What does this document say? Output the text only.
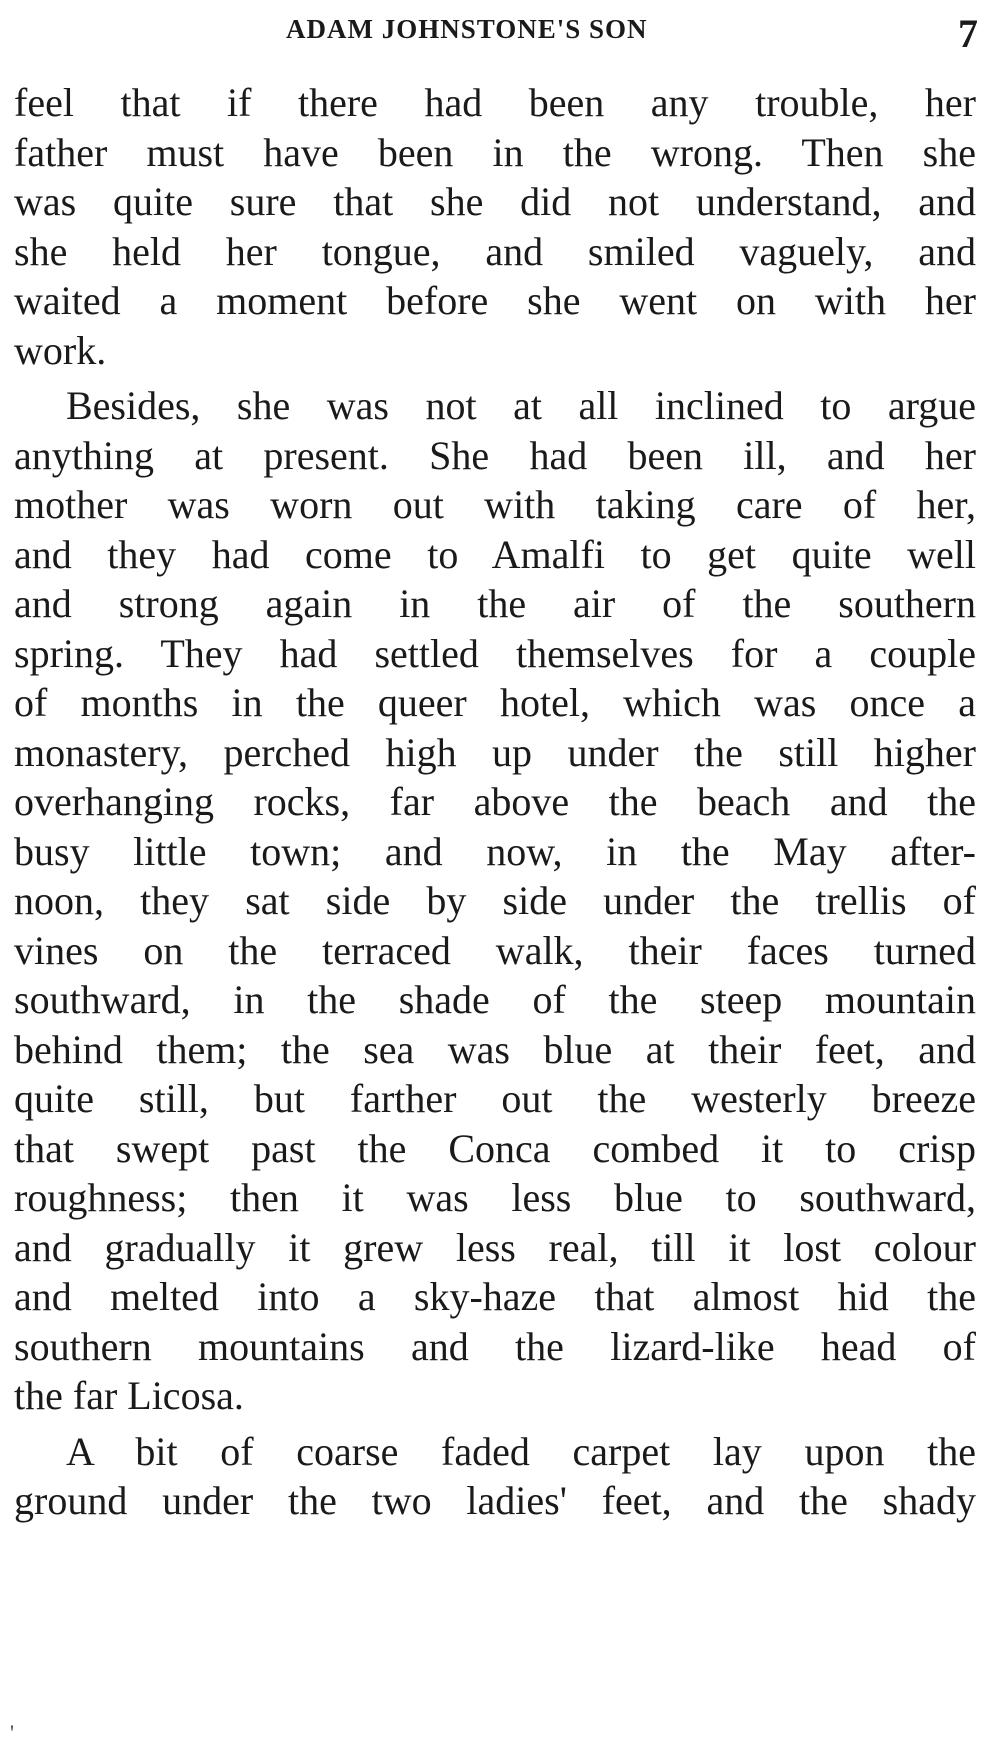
ADAM JOHNSTONE'S SON	7
feel that if there had been any trouble, her
father must have been in the wrong. Then she
was quite sure that she did not understand, and
she held her tongue, and smiled vaguely, and
waited a moment before she went on with her
work.
Besides, she was not at all inclined to argue
anything at present. She had been ill, and her
mother was worn out with taking care of her,
and they had come to Amalfi to get quite well
and strong again in the air of the southern
spring. They had settled themselves for a couple
of months in the queer hotel, which was once a
monastery, perched high up under the still higher
overhanging rocks, far above the beach and the
busy little town; and now, in the May after-
noon, they sat side by side under the trellis of
vines on the terraced walk, their faces turned
southward, in the shade of the steep mountain
behind them; the sea was blue at their feet, and
quite still, but farther out the westerly breeze
that swept past the Conca combed it to crisp
roughness; then it was less blue to southward,
and gradually it grew less real, till it lost colour
and melted into a sky-haze that almost hid the
southern mountains and the lizard-like head of
the far Licosa.
A bit of coarse faded carpet lay upon the
ground under the two ladies' feet, and the shady
'
